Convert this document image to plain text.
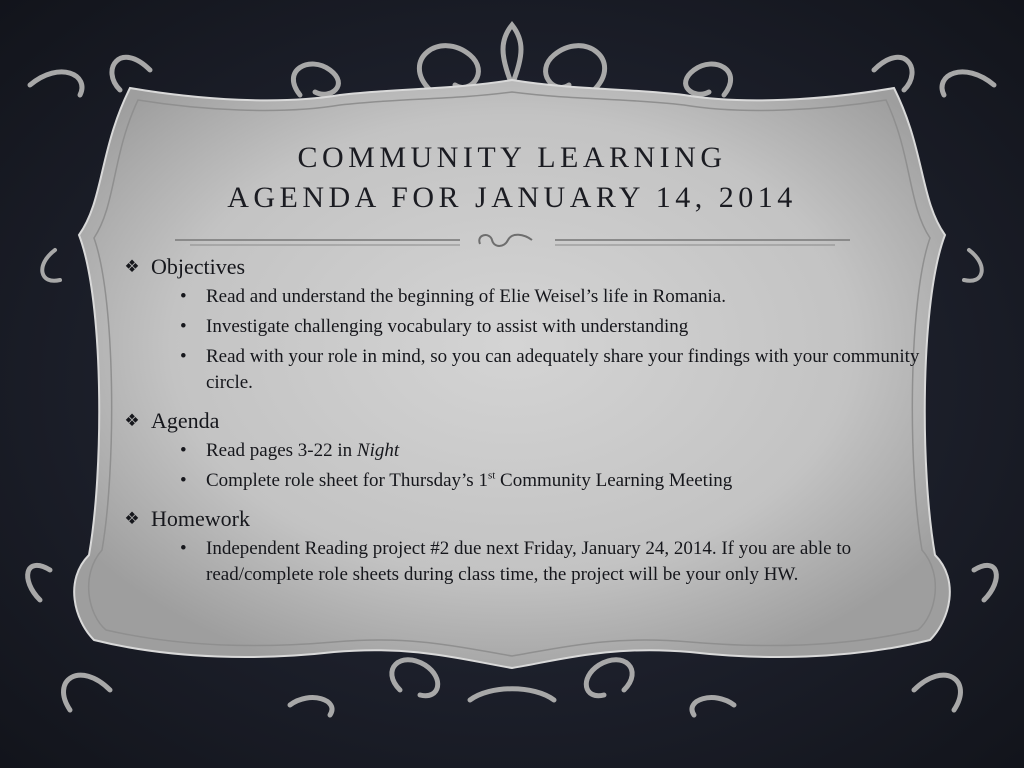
COMMUNITY LEARNING
AGENDA FOR JANUARY 14, 2014
❖ Objectives
• Read and understand the beginning of Elie Weisel’s life in Romania.
• Investigate challenging vocabulary to assist with understanding
• Read with your role in mind, so you can adequately share your findings with your community circle.
❖ Agenda
• Read pages 3-22 in Night
• Complete role sheet for Thursday’s 1st Community Learning Meeting
❖ Homework
• Independent Reading project #2 due next Friday, January 24, 2014. If you are able to read/complete role sheets during class time, the project will be your only HW.
